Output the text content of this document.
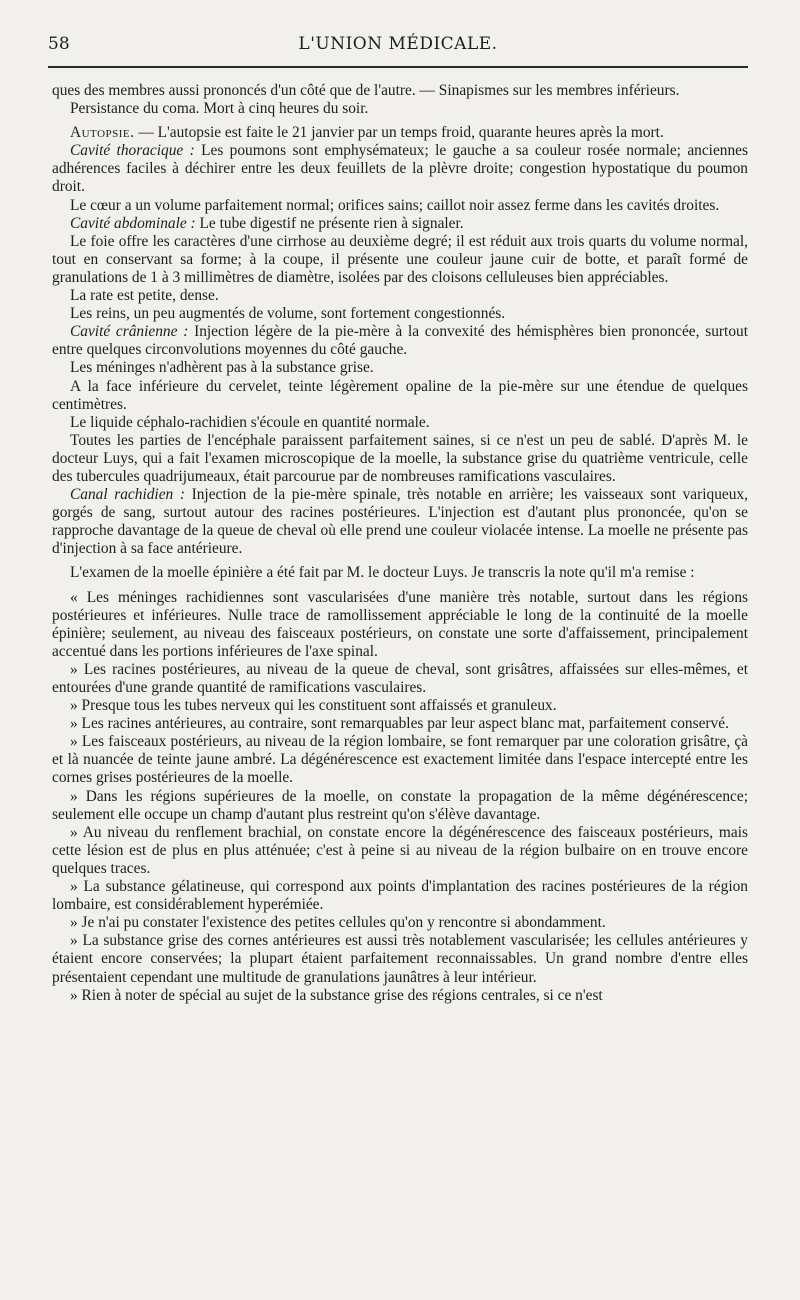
58	L'UNION MÉDICALE.

ques des membres aussi prononcés d'un côté que de l'autre. — Sinapismes sur les membres inférieurs.

Persistance du coma. Mort à cinq heures du soir.

Autopsie. — L'autopsie est faite le 21 janvier par un temps froid, quarante heures après la mort.

Cavité thoracique : Les poumons sont emphysémateux; le gauche a sa couleur rosée normale; anciennes adhérences faciles à déchirer entre les deux feuillets de la plèvre droite; congestion hypostatique du poumon droit.

Le cœur a un volume parfaitement normal; orifices sains; caillot noir assez ferme dans les cavités droites.

Cavité abdominale : Le tube digestif ne présente rien à signaler.

Le foie offre les caractères d'une cirrhose au deuxième degré; il est réduit aux trois quarts du volume normal, tout en conservant sa forme; à la coupe, il présente une couleur jaune cuir de botte, et paraît formé de granulations de 1 à 3 millimètres de diamètre, isolées par des cloisons celluleuses bien appréciables.

La rate est petite, dense.

Les reins, un peu augmentés de volume, sont fortement congestionnés.

Cavité crânienne : Injection légère de la pie-mère à la convexité des hémisphères bien prononcée, surtout entre quelques circonvolutions moyennes du côté gauche.

Les méninges n'adhèrent pas à la substance grise.

A la face inférieure du cervelet, teinte légèrement opaline de la pie-mère sur une étendue de quelques centimètres.

Le liquide céphalo-rachidien s'écoule en quantité normale.

Toutes les parties de l'encéphale paraissent parfaitement saines, si ce n'est un peu de sablé. D'après M. le docteur Luys, qui a fait l'examen microscopique de la moelle, la substance grise du quatrième ventricule, celle des tubercules quadrijumeaux, était parcourue par de nombreuses ramifications vasculaires.

Canal rachidien : Injection de la pie-mère spinale, très notable en arrière; les vaisseaux sont variqueux, gorgés de sang, surtout autour des racines postérieures. L'injection est d'autant plus prononcée, qu'on se rapproche davantage de la queue de cheval où elle prend une couleur violacée intense. La moelle ne présente pas d'injection à sa face antérieure.

L'examen de la moelle épinière a été fait par M. le docteur Luys. Je transcris la note qu'il m'a remise :

« Les méninges rachidiennes sont vascularisées d'une manière très notable, surtout dans les régions postérieures et inférieures. Nulle trace de ramollissement appréciable le long de la continuité de la moelle épinière; seulement, au niveau des faisceaux postérieurs, on constate une sorte d'affaissement, principalement accentué dans les portions inférieures de l'axe spinal.

» Les racines postérieures, au niveau de la queue de cheval, sont grisâtres, affaissées sur elles-mêmes, et entourées d'une grande quantité de ramifications vasculaires.

» Presque tous les tubes nerveux qui les constituent sont affaissés et granuleux.

» Les racines antérieures, au contraire, sont remarquables par leur aspect blanc mat, parfaitement conservé.

» Les faisceaux postérieurs, au niveau de la région lombaire, se font remarquer par une coloration grisâtre, çà et là nuancée de teinte jaune ambré. La dégénérescence est exactement limitée dans l'espace intercepté entre les cornes grises postérieures de la moelle.

» Dans les régions supérieures de la moelle, on constate la propagation de la même dégénérescence; seulement elle occupe un champ d'autant plus restreint qu'on s'élève davantage.

» Au niveau du renflement brachial, on constate encore la dégénérescence des faisceaux postérieurs, mais cette lésion est de plus en plus atténuée; c'est à peine si au niveau de la région bulbaire on en trouve encore quelques traces.

» La substance gélatineuse, qui correspond aux points d'implantation des racines postérieures de la région lombaire, est considérablement hyperémiée.

» Je n'ai pu constater l'existence des petites cellules qu'on y rencontre si abondamment.

» La substance grise des cornes antérieures est aussi très notablement vascularisée; les cellules antérieures y étaient encore conservées; la plupart étaient parfaitement reconnaissables. Un grand nombre d'entre elles présentaient cependant une multitude de granulations jaunâtres à leur intérieur.

» Rien à noter de spécial au sujet de la substance grise des régions centrales, si ce n'est
